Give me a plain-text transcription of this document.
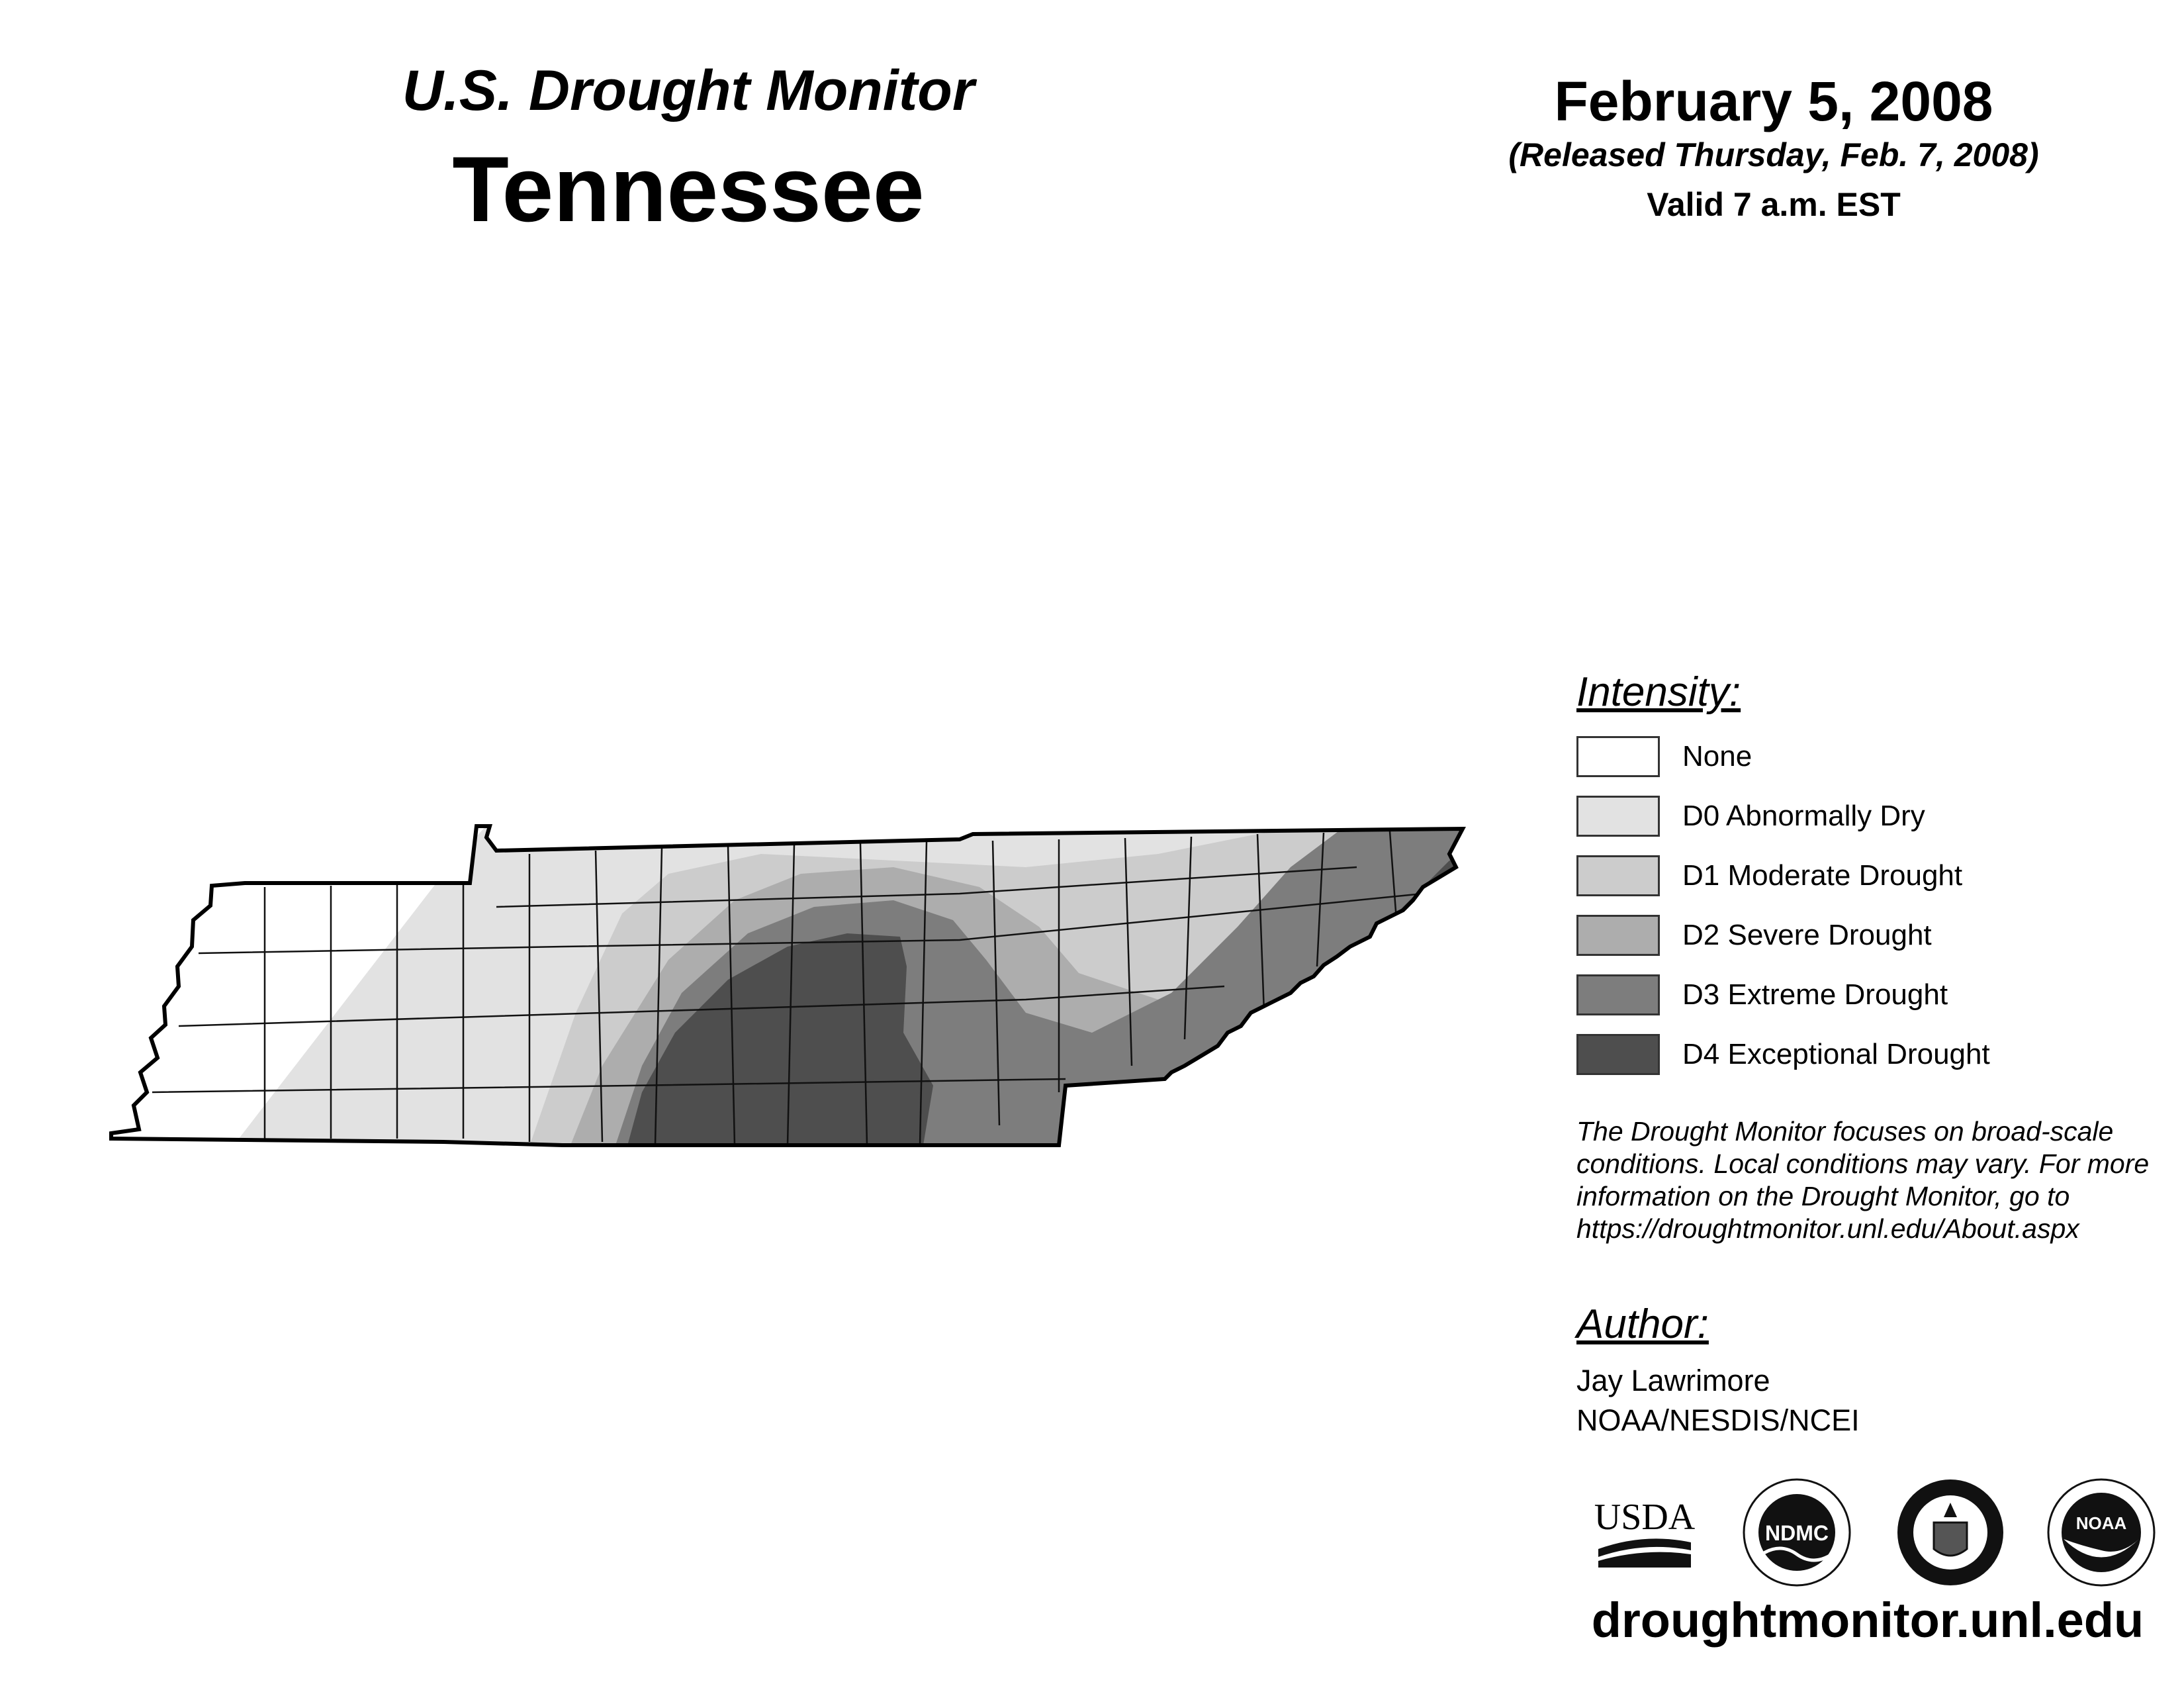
U.S. Drought Monitor
Tennessee
February 5, 2008
(Released Thursday, Feb. 7, 2008)
Valid 7 a.m. EST
Intensity:
None
D0 Abnormally Dry
D1 Moderate Drought
D2 Severe Drought
D3 Extreme Drought
D4 Exceptional Drought
The Drought Monitor focuses on broad-scale conditions. Local conditions may vary. For more information on the Drought Monitor, go to https://droughtmonitor.unl.edu/About.aspx
Author:
Jay Lawrimore
NOAA/NESDIS/NCEI
USDA	NDMC	NOAA
droughtmonitor.unl.edu
